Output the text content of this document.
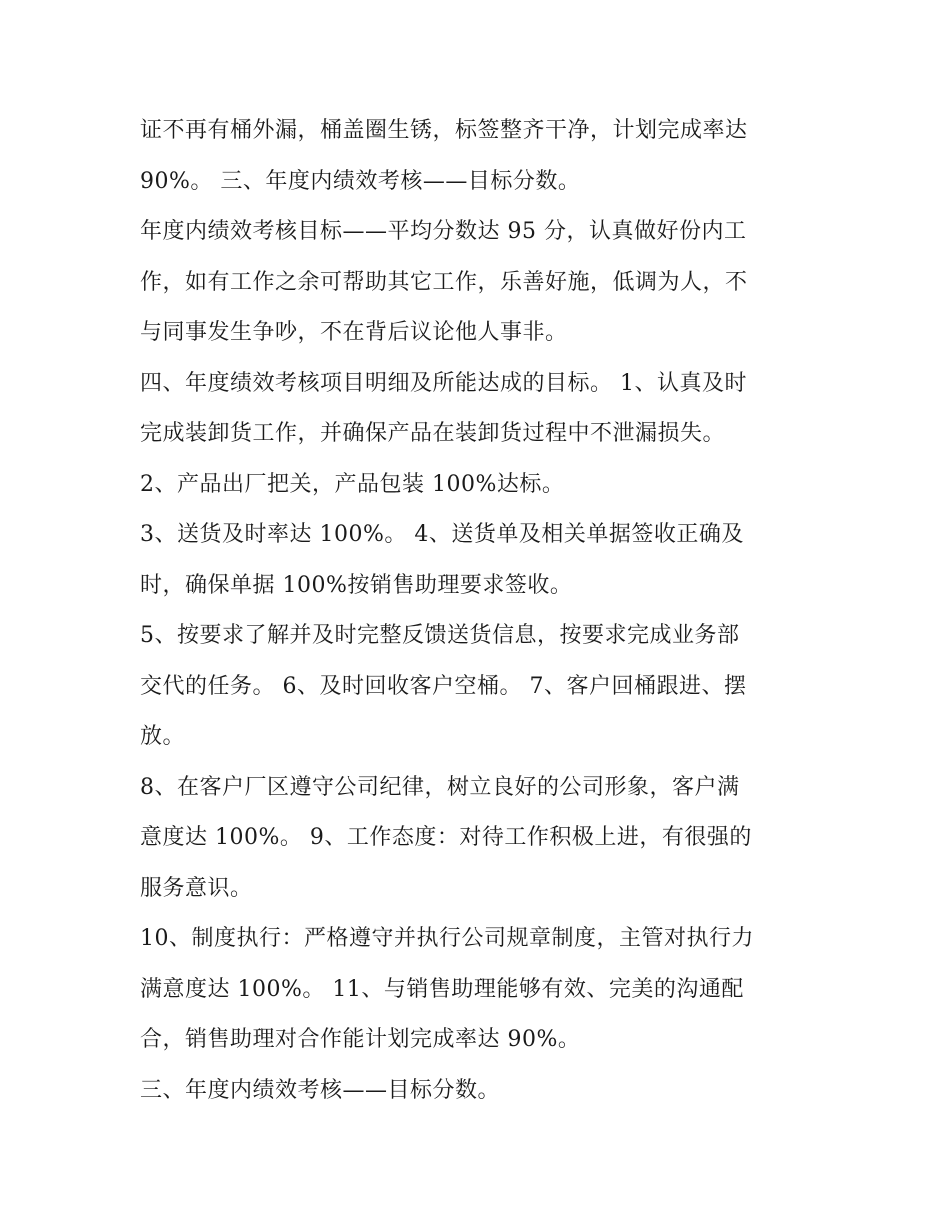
证不再有桶外漏，桶盖圈生锈，标签整齐干净，计划完成率达
90%。 三、年度内绩效考核——目标分数。

年度内绩效考核目标——平均分数达 95 分，认真做好份内工
作，如有工作之余可帮助其它工作，乐善好施，低调为人，不
与同事发生争吵，不在背后议论他人事非。

四、年度绩效考核项目明细及所能达成的目标。 1、认真及时
完成装卸货工作，并确保产品在装卸货过程中不泄漏损失。

2、产品出厂把关，产品包装 100%达标。

3、送货及时率达 100%。 4、送货单及相关单据签收正确及
时，确保单据 100%按销售助理要求签收。

5、按要求了解并及时完整反馈送货信息，按要求完成业务部
交代的任务。 6、及时回收客户空桶。 7、客户回桶跟进、摆
放。

8、在客户厂区遵守公司纪律，树立良好的公司形象，客户满
意度达 100%。 9、工作态度：对待工作积极上进，有很强的
服务意识。

10、制度执行：严格遵守并执行公司规章制度，主管对执行力
满意度达 100%。 11、与销售助理能够有效、完美的沟通配
合，销售助理对合作能计划完成率达 90%。

三、年度内绩效考核——目标分数。
